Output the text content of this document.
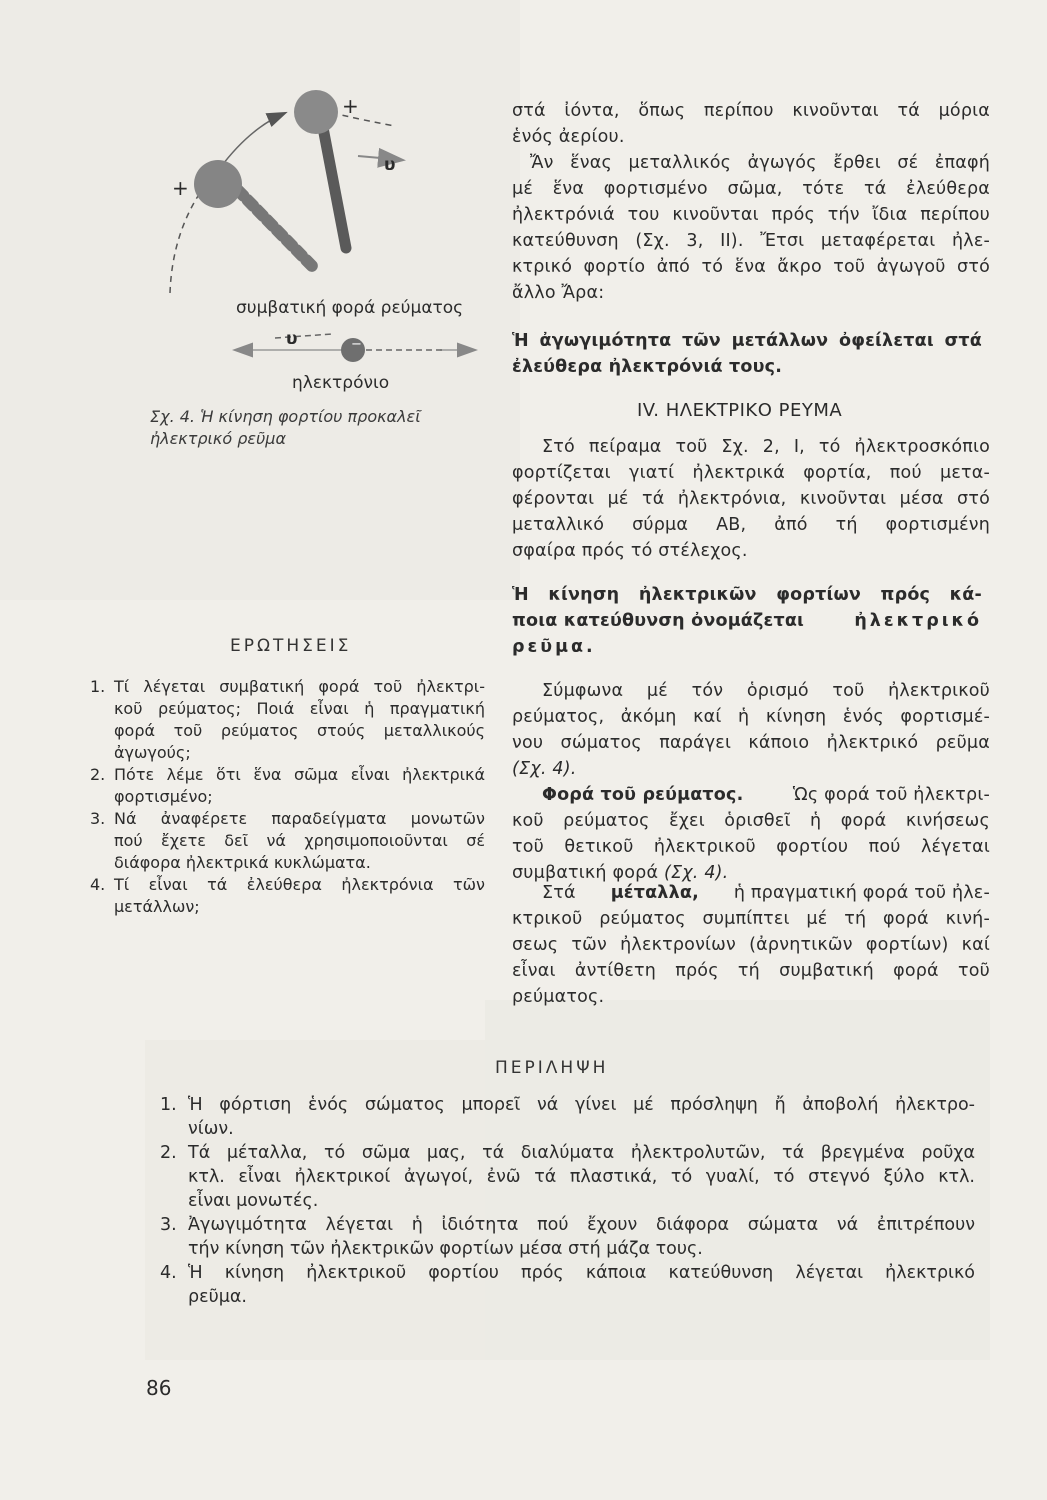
+
+
υ
συμβατική φορά ρεύματος
υ	−
ηλεκτρόνιο
Σχ. 4. Ἡ κίνηση φορτίου προκαλεῖ
ἠλεκτρικό ρεῦμα
στά ἰόντα, ὅπως περίπου κινοῦνται τά μόρια
ἑνός ἀερίου.
Ἄν ἕνας μεταλλικός ἀγωγός ἔρθει σέ ἐπαφή
μέ ἕνα φορτισμένο σῶμα, τότε τά ἐλεύθερα
ἠλεκτρόνιά του κινοῦνται πρός τήν ἴδια περίπου
κατεύθυνση (Σχ. 3, II). Ἔτσι μεταφέρεται ἠλε-
κτρικό φορτίο ἀπό τό ἕνα ἄκρο τοῦ ἀγωγοῦ στό
ἄλλο Ἄρα:
Ἡ ἀγωγιμότητα τῶν μετάλλων ὀφείλεται στά
ἐλεύθερα ἠλεκτρόνιά τους.
IV. ΗΛΕΚΤΡΙΚΟ ΡΕΥΜΑ
Στό πείραμα τοῦ Σχ. 2, I, τό ἠλεκτροσκόπιο
φορτίζεται γιατί ἠλεκτρικά φορτία, πού μετα-
φέρονται μέ τά ἠλεκτρόνια, κινοῦνται μέσα στό
μεταλλικό σύρμα ΑΒ, ἀπό τή φορτισμένη
σφαίρα πρός τό στέλεχος.
Ἡ κίνηση ἠλεκτρικῶν φορτίων πρός κά-
ποια κατεύθυνση ὀνομάζεται	ἠλεκτρικό
ρεῦμα.
Σύμφωνα μέ τόν ὁρισμό τοῦ ἠλεκτρικοῦ
ρεύματος, ἀκόμη καί ἡ κίνηση ἑνός φορτισμέ-
νου σώματος παράγει κάποιο ἠλεκτρικό ρεῦμα
(Σχ. 4).
Φορά τοῦ ρεύματος.	Ὡς φορά τοῦ ἠλεκτρι-
κοῦ ρεύματος ἔχει ὁρισθεῖ ἡ φορά κινήσεως
τοῦ θετικοῦ ἠλεκτρικοῦ φορτίου πού λέγεται
συμβατική φορά (Σχ. 4).
Στά μέταλλα, ἡ πραγματική φορά τοῦ ἠλε-
κτρικοῦ ρεύματος συμπίπτει μέ τή φορά κινή-
σεως τῶν ἠλεκτρονίων (ἀρνητικῶν φορτίων) καί
εἶναι ἀντίθετη πρός τή συμβατική φορά τοῦ
ρεύματος.
ΕΡΩΤΗΣΕΙΣ
1. Τί λέγεται συμβατική φορά τοῦ ἠλεκτρι-
κοῦ ρεύματος; Ποιά εἶναι ἡ πραγματική
φορά τοῦ ρεύματος στούς μεταλλικούς
ἀγωγούς;
2. Πότε λέμε ὅτι ἕνα σῶμα εἶναι ἠλεκτρικά
φορτισμένο;
3. Νά ἀναφέρετε παραδείγματα μονωτῶν
πού ἔχετε δεῖ νά χρησιμοποιοῦνται σέ
διάφορα ἠλεκτρικά κυκλώματα.
4. Τί εἶναι τά ἐλεύθερα ἠλεκτρόνια τῶν
μετάλλων;
ΠΕΡΙΛΗΨΗ
1. Ἡ φόρτιση ἑνός σώματος μπορεῖ νά γίνει μέ πρόσληψη ἤ ἀποβολή ἠλεκτρο-
νίων.
2. Τά μέταλλα, τό σῶμα μας, τά διαλύματα ἠλεκτρολυτῶν, τά βρεγμένα ροῦχα
κτλ. εἶναι ἠλεκτρικοί ἀγωγοί, ἐνῶ τά πλαστικά, τό γυαλί, τό στεγνό ξύλο κτλ.
εἶναι μονωτές.
3. Ἀγωγιμότητα λέγεται ἡ ἰδιότητα πού ἔχουν διάφορα σώματα νά ἐπιτρέπουν
τήν κίνηση τῶν ἠλεκτρικῶν φορτίων μέσα στή μάζα τους.
4. Ἡ κίνηση ἠλεκτρικοῦ φορτίου πρός κάποια κατεύθυνση λέγεται ἠλεκτρικό
ρεῦμα.
86
